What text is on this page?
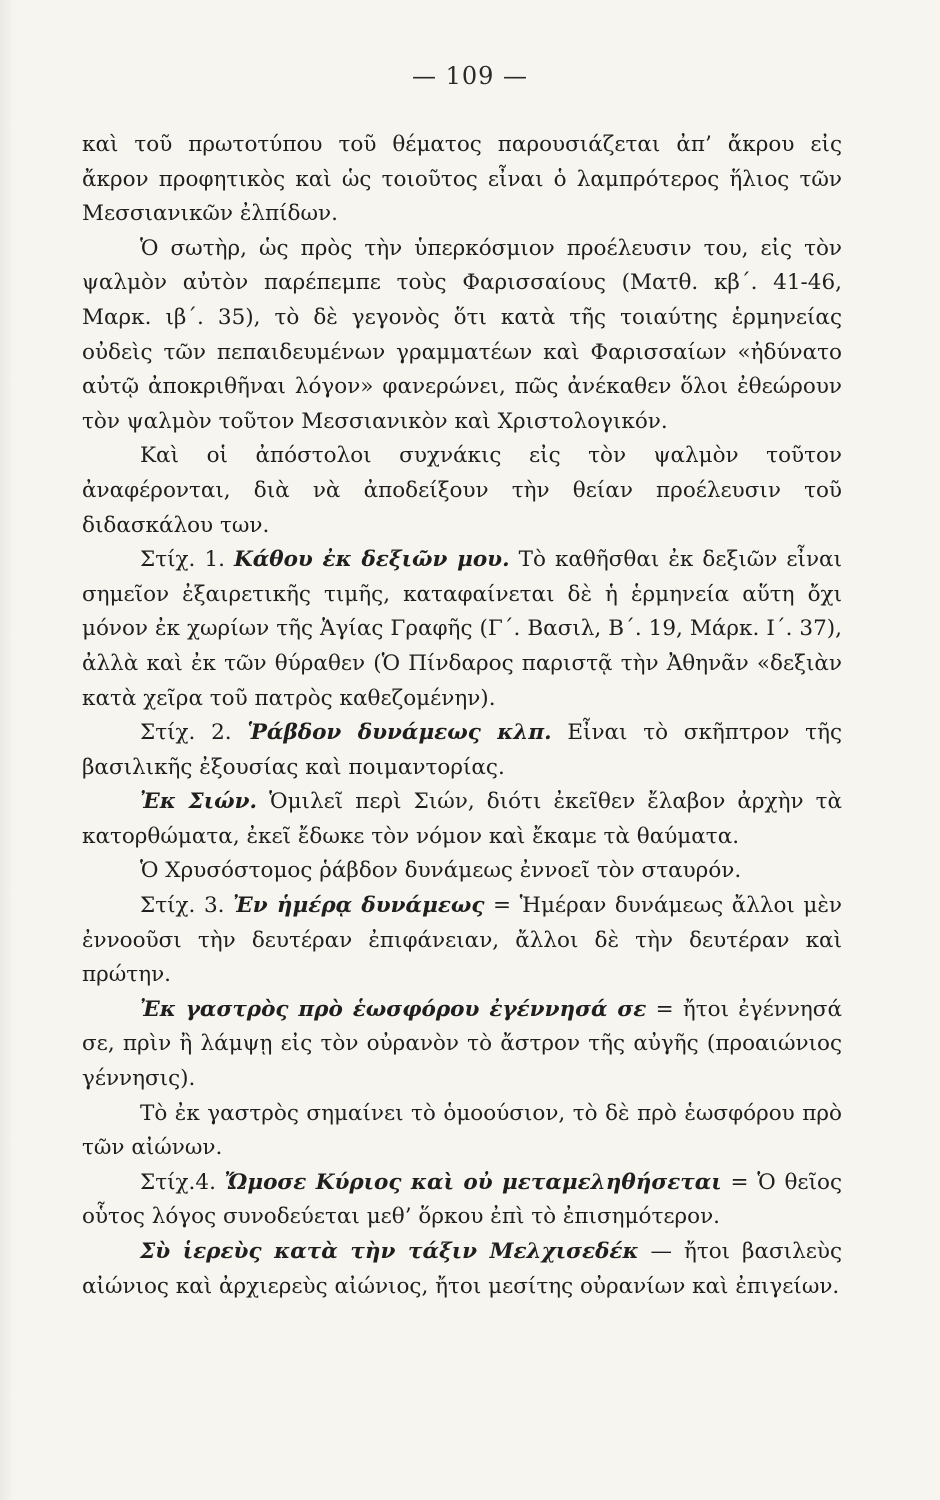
— 109 —

καὶ τοῦ πρωτοτύπου τοῦ θέματος παρουσιάζεται ἀπ’ ἄκρου εἰς ἄκρον προφητικὸς καὶ ὡς τοιοῦτος εἶναι ὁ λαμπρότερος ἥλιος τῶν Μεσσιανικῶν ἐλπίδων.

Ὁ σωτὴρ, ὡς πρὸς τὴν ὑπερκόσμιον προέλευσιν του, εἰς τὸν ψαλμὸν αὐτὸν παρέπεμπε τοὺς Φαρισσαίους (Ματθ. κβ΄. 41-46, Μαρκ. ιβ΄. 35), τὸ δὲ γεγονὸς ὅτι κατὰ τῆς τοιαύτης ἑρμηνείας οὐδεὶς τῶν πεπαιδευμένων γραμματέων καὶ Φαρισσαίων «ἠδύνατο αὐτῷ ἀποκριθῆναι λόγον» φανερώνει, πῶς ἀνέκαθεν ὅλοι ἐθεώρουν τὸν ψαλμὸν τοῦτον Μεσσιανικὸν καὶ Χριστολογικόν.

Καὶ οἱ ἀπόστολοι συχνάκις εἰς τὸν ψαλμὸν τοῦτον ἀναφέρονται, διὰ νὰ ἀποδείξουν τὴν θείαν προέλευσιν τοῦ διδασκάλου των.

Στίχ. 1. Κάθου ἐκ δεξιῶν μου. Τὸ καθῆσθαι ἐκ δεξιῶν εἶναι σημεῖον ἐξαιρετικῆς τιμῆς, καταφαίνεται δὲ ἡ ἑρμηνεία αὕτη ὄχι μόνον ἐκ χωρίων τῆς Ἁγίας Γραφῆς (Γ΄. Βασιλ, Β΄. 19, Μάρκ. Ι΄. 37), ἀλλὰ καὶ ἐκ τῶν θύραθεν (Ὁ Πίνδαρος παριστᾷ τὴν Ἀθηνᾶν «δεξιὰν κατὰ χεῖρα τοῦ πατρὸς καθεζομένην).

Στίχ. 2. Ῥάβδον δυνάμεως κλπ. Εἶναι τὸ σκῆπτρον τῆς βασιλικῆς ἐξουσίας καὶ ποιμαντορίας.

Ἐκ Σιών. Ὁμιλεῖ περὶ Σιών, διότι ἐκεῖθεν ἔλαβον ἀρχὴν τὰ κατορθώματα, ἐκεῖ ἔδωκε τὸν νόμον καὶ ἔκαμε τὰ θαύματα.

Ὁ Χρυσόστομος ῥάβδον δυνάμεως ἐννοεῖ τὸν σταυρόν.

Στίχ. 3. Ἐν ἡμέρᾳ δυνάμεως = Ἡμέραν δυνάμεως ἄλλοι μὲν ἐννοοῦσι τὴν δευτέραν ἐπιφάνειαν, ἄλλοι δὲ τὴν δευτέραν καὶ πρώτην.

Ἐκ γαστρὸς πρὸ ἑωσφόρου ἐγέννησά σε = ἤτοι ἐγέννησά σε, πρὶν ἢ λάμψῃ εἰς τὸν οὐρανὸν τὸ ἄστρον τῆς αὐγῆς (προαιώνιος γέννησις).

Τὸ ἐκ γαστρὸς σημαίνει τὸ ὁμοούσιον, τὸ δὲ πρὸ ἑωσφόρου πρὸ τῶν αἰώνων.

Στίχ.4. Ὤμοσε Κύριος καὶ οὐ μεταμεληθήσεται = Ὁ θεῖος οὗτος λόγος συνοδεύεται μεθ’ ὅρκου ἐπὶ τὸ ἐπισημότερον.

Σὺ ἱερεὺς κατὰ τὴν τάξιν Μελχισεδέκ — ἤτοι βασιλεὺς αἰώνιος καὶ ἀρχιερεὺς αἰώνιος, ἤτοι μεσίτης οὐρανίων καὶ ἐπιγείων.
